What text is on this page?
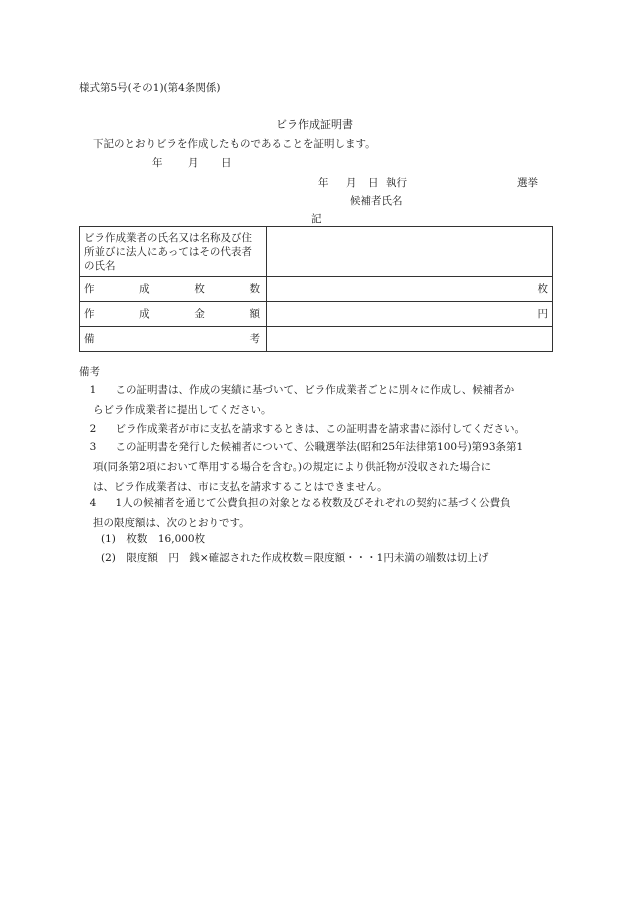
様式第5号(その1)(第4条関係)
ビラ作成証明書
下記のとおりビラを作成したものであることを証明します。
年 月 日
年 月 日 執行	選挙
候補者氏名
記
ビラ作成業者の氏名又は名称及び住所並びに法人にあってはその代表者の氏名	

作 成 枚 数	枚

作 成 金 額	円

備 考	

備考
1　 この証明書は、作成の実績に基づいて、ビラ作成業者ごとに別々に作成し、候補者か
らビラ作成業者に提出してください。
2　 ビラ作成業者が市に支払を請求するときは、この証明書を請求書に添付してください。
3　 この証明書を発行した候補者について、公職選挙法(昭和25年法律第100号)第93条第1
項(同条第2項において準用する場合を含む。)の規定により供託物が没収された場合に
は、ビラ作成業者は、市に支払を請求することはできません。
4　 1人の候補者を通じて公費負担の対象となる枚数及びそれぞれの契約に基づく公費負
担の限度額は、次のとおりです。
(1)　 枚数　16,000枚
(2)　 限度額　円　銭×確認された作成枚数＝限度額・・・1円未満の端数は切上げ
